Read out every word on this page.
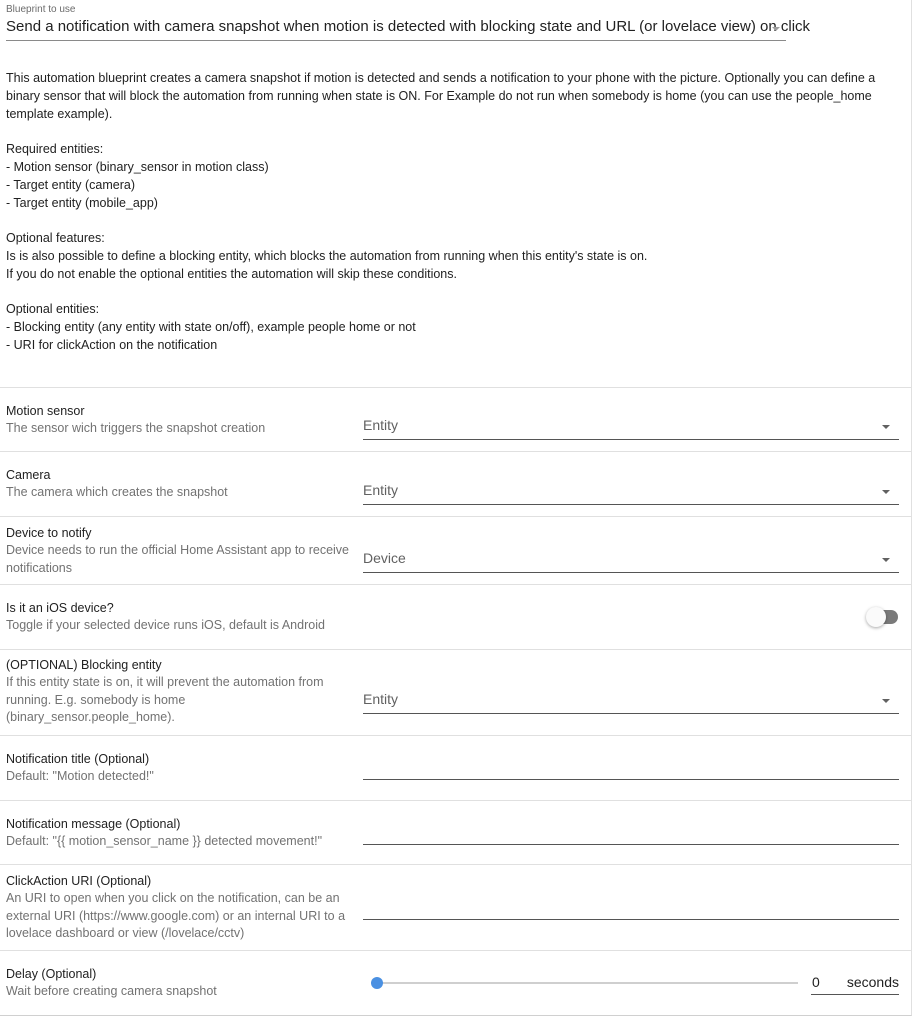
Blueprint to use
Send a notification with camera snapshot when motion is detected with blocking state and URL (or lovelace view) on click

This automation blueprint creates a camera snapshot if motion is detected and sends a notification to your phone with the picture. Optionally you can define a binary sensor that will block the automation from running when state is ON. For Example do not run when somebody is home (you can use the people_home template example).

Required entities:

- Motion sensor (binary_sensor in motion class)

- Target entity (camera)

- Target entity (mobile_app)

Optional features:

Is is also possible to define a blocking entity, which blocks the automation from running when this entity's state is on.

If you do not enable the optional entities the automation will skip these conditions.

Optional entities:

- Blocking entity (any entity with state on/off), example people home or not

- URI for clickAction on the notification

Motion sensor
The sensor wich triggers the snapshot creation	Entity
Camera
The camera which creates the snapshot	Entity
Device to notify
Device needs to run the official Home Assistant app to receive notifications
Device
Is it an iOS device?
Toggle if your selected device runs iOS, default is Android
(OPTIONAL) Blocking entity
If this entity state is on, it will prevent the automation from running. E.g. somebody is home (binary_sensor.people_home).
Entity
Notification title (Optional)
Default: "Motion detected!"
Notification message (Optional)
Default: "{{ motion_sensor_name }} detected movement!"
ClickAction URI (Optional)
An URI to open when you click on the notification, can be an external URI (https://www.google.com) or an internal URI to a lovelace dashboard or view (/lovelace/cctv)
Delay (Optional)
Wait before creating camera snapshot
0 seconds
